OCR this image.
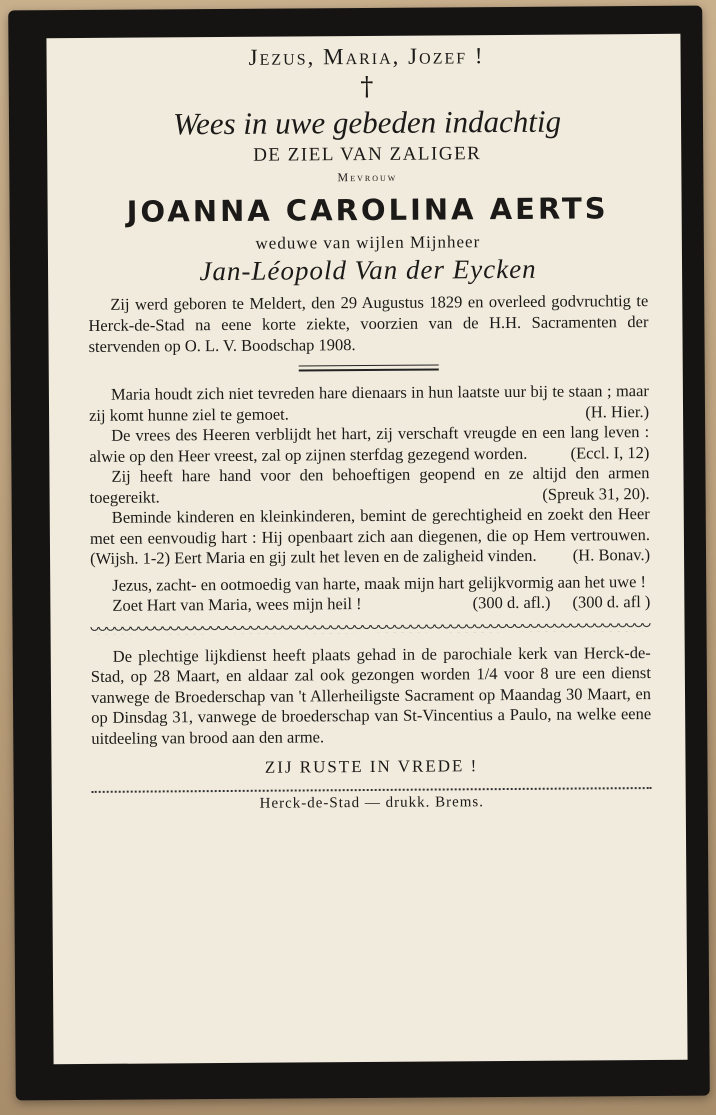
Jezus, Maria, Jozef !
†
Wees in uwe gebeden indachtig
DE ZIEL VAN ZALIGER
Mevrouw
JOANNA CAROLINA AERTS
weduwe van wijlen Mijnheer
Jan-Léopold Van der Eycken
Zij werd geboren te Meldert, den 29 Augustus 1829 en overleed godvruchtig te Herck-de-Stad na eene korte ziekte, voorzien van de H.H. Sacramenten der stervenden op O. L. V. Boodschap 1908.

Maria houdt zich niet tevreden hare dienaars in hun laatste uur bij te staan ; maar zij komt hunne ziel te gemoet.	(H. Hier.)

De vrees des Heeren verblijdt het hart, zij verschaft vreugde en een lang leven : alwie op den Heer vreest, zal op zijnen sterfdag gezegend worden.	(Eccl. I, 12)

Zij heeft hare hand voor den behoeftigen geopend en ze altijd den armen toegereikt.	(Spreuk 31, 20).

Beminde kinderen en kleinkinderen, bemint de gerechtigheid en zoekt den Heer met een eenvoudig hart : Hij openbaart zich aan diegenen, die op Hem vertrouwen. (Wijsh. 1-2) Eert Maria en gij zult het leven en de zaligheid vinden.	(H. Bonav.)

Jezus, zacht- en ootmoedig van harte, maak mijn hart gelijkvormig aan het uwe !
(300 d. afl )

Zoet Hart van Maria, wees mijn heil !	(300 d. afl.)

De plechtige lijkdienst heeft plaats gehad in de parochiale kerk van Herck-de-Stad, op 28 Maart, en aldaar zal ook gezongen worden 1/4 voor 8 ure een dienst vanwege de Broederschap van 't Allerheiligste Sacrament op Maandag 30 Maart, en op Dinsdag 31, vanwege de broederschap van St-Vincentius a Paulo, na welke eene uitdeeling van brood aan den arme.
ZIJ RUSTE IN VREDE !
Herck-de-Stad — drukk. Brems.
